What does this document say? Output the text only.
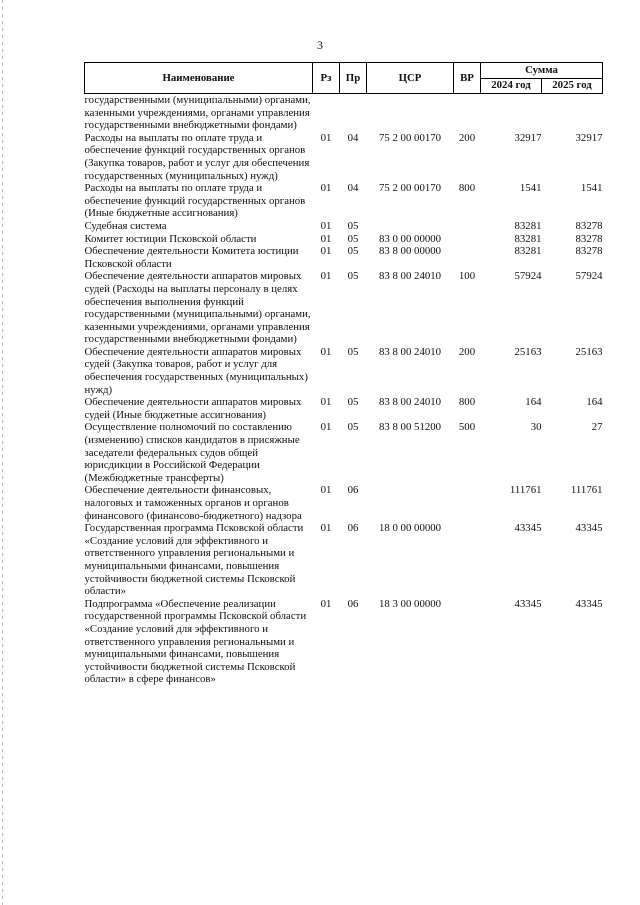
3
Наименование	Рз	Пр	ЦСР	ВР	Сумма	
					2024 год	2025 год
государственными (муниципальными) органами, казенными учреждениями, органами управления государственными внебюджетными фондами)						
Расходы на выплаты по оплате труда и обеспечение функций государственных органов (Закупка товаров, работ и услуг для обеспечения государственных (муниципальных) нужд)	01	04	75 2 00 00170	200	32917	32917
Расходы на выплаты по оплате труда и обеспечение функций государственных органов (Иные бюджетные ассигнования)	01	04	75 2 00 00170	800	1541	1541
Судебная система	01	05			83281	83278
Комитет юстиции Псковской области	01	05	83 0 00 00000		83281	83278
Обеспечение деятельности Комитета юстиции Псковской области	01	05	83 8 00 00000		83281	83278
Обеспечение деятельности аппаратов мировых судей (Расходы на выплаты персоналу в целях обеспечения выполнения функций государственными (муниципальными) органами, казенными учреждениями, органами управления государственными внебюджетными фондами)	01	05	83 8 00 24010	100	57924	57924
Обеспечение деятельности аппаратов мировых судей (Закупка товаров, работ и услуг для обеспечения государственных (муниципальных) нужд)	01	05	83 8 00 24010	200	25163	25163
Обеспечение деятельности аппаратов мировых судей (Иные бюджетные ассигнования)	01	05	83 8 00 24010	800	164	164
Осуществление полномочий по составлению (изменению) списков кандидатов в присяжные заседатели федеральных судов общей юрисдикции в Российской Федерации (Межбюджетные трансферты)	01	05	83 8 00 51200	500	30	27
Обеспечение деятельности финансовых, налоговых и таможенных органов и органов финансового (финансово-бюджетного) надзора	01	06			111761	111761
Государственная программа Псковской области «Создание условий для эффективного и ответственного управления региональными и муниципальными финансами, повышения устойчивости бюджетной системы Псковской области»	01	06	18 0 00 00000		43345	43345
Подпрограмма «Обеспечение реализации государственной программы Псковской области «Создание условий для эффективного и ответственного управления региональными и муниципальными финансами, повышения устойчивости бюджетной системы Псковской области» в сфере финансов»	01	06	18 3 00 00000		43345	43345
